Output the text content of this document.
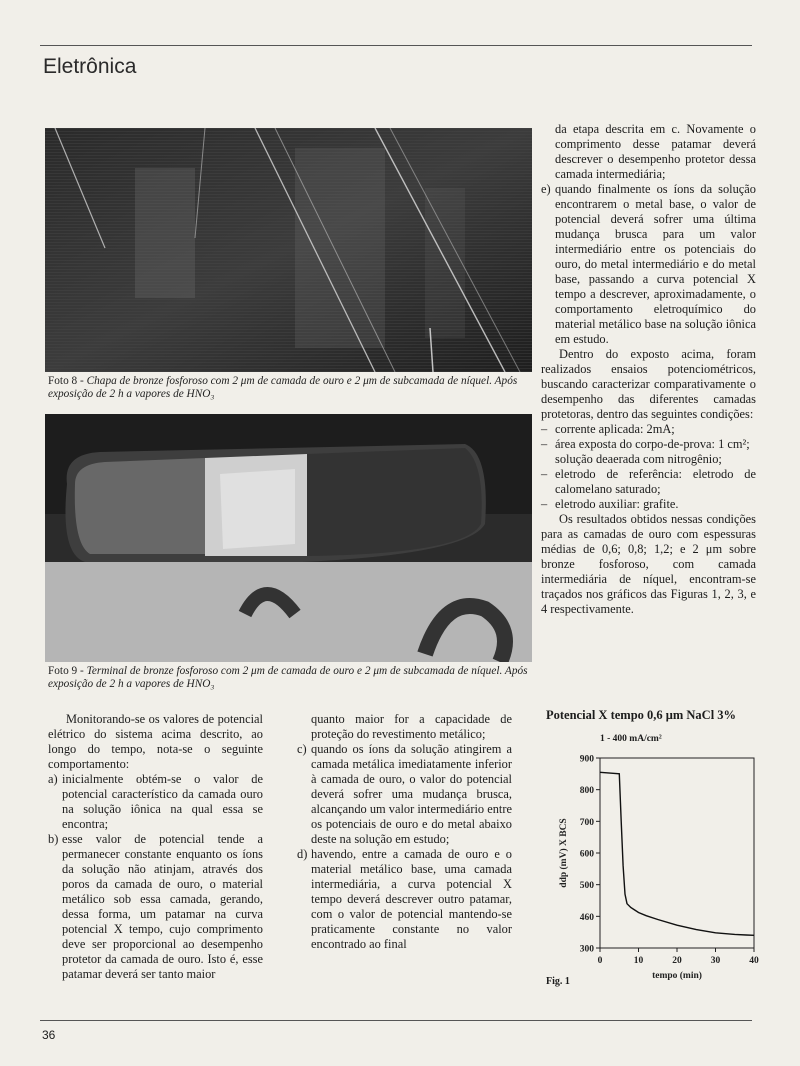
Eletrônica
Foto 8 - Chapa de bronze fosforoso com 2 μm de camada de ouro e 2 μm de subcamada de níquel. Após exposição de 2 h a vapores de HNO₃
Foto 9 - Terminal de bronze fosforoso com 2 μm de camada de ouro e 2 μm de subcamada de níquel. Após exposição de 2 h a vapores de HNO₃

da etapa descrita em c. Novamente o comprimento desse patamar deverá descrever o desempenho protetor dessa camada intermediária;

e) quando finalmente os íons da solução encontrarem o metal base, o valor de potencial deverá sofrer uma última mudança brusca para um valor intermediário entre os potenciais do ouro, do metal intermediário e do metal base, passando a curva potencial X tempo a descrever, aproximadamente, o comportamento eletroquímico do material metálico base na solução iônica em estudo.

Dentro do exposto acima, foram realizados ensaios potenciométricos, buscando caracterizar comparativamente o desempenho das diferentes camadas protetoras, dentro das seguintes condições:

– corrente aplicada: 2mA;
– área exposta do corpo-de-prova: 1 cm²;
solução deaerada com nitrogênio;
– eletrodo de referência: eletrodo de calomelano saturado;
– eletrodo auxiliar: grafite.

Os resultados obtidos nessas condições para as camadas de ouro com espessuras médias de 0,6; 0,8; 1,2; e 2 μm sobre bronze fosforoso, com camada intermediária de níquel, encontram-se traçados nos gráficos das Figuras 1, 2, 3, e 4 respectivamente.

Monitorando-se os valores de potencial elétrico do sistema acima descrito, ao longo do tempo, nota-se o seguinte comportamento:

a) inicialmente obtém-se o valor de potencial característico da camada ouro na solução iônica na qual essa se encontra;
b) esse valor de potencial tende a permanecer constante enquanto os íons da solução não atinjam, através dos poros da camada de ouro, o material metálico sob essa camada, gerando, dessa forma, um patamar na curva potencial X tempo, cujo comprimento deve ser proporcional ao desempenho protetor da camada de ouro. Isto é, esse patamar deverá ser tanto maior

quanto maior for a capacidade de proteção do revestimento metálico;

c) quando os íons da solução atingirem a camada metálica imediatamente inferior à camada de ouro, o valor do potencial deverá sofrer uma mudança brusca, alcançando um valor intermediário entre os potenciais de ouro e do metal abaixo deste na solução em estudo;
d) havendo, entre a camada de ouro e o material metálico base, uma camada intermediária, a curva potencial X tempo deverá descrever outro patamar, com o valor de potencial mantendo-se praticamente constante no valor encontrado ao final
Potencial X tempo 0,6 μm NaCl 3%
1 - 400 mA/cm²
300
460
500
600
700
800
900
0	10	20	30	40
tempo (min)
ddp (mV) X BCS
Fig. 1
36
